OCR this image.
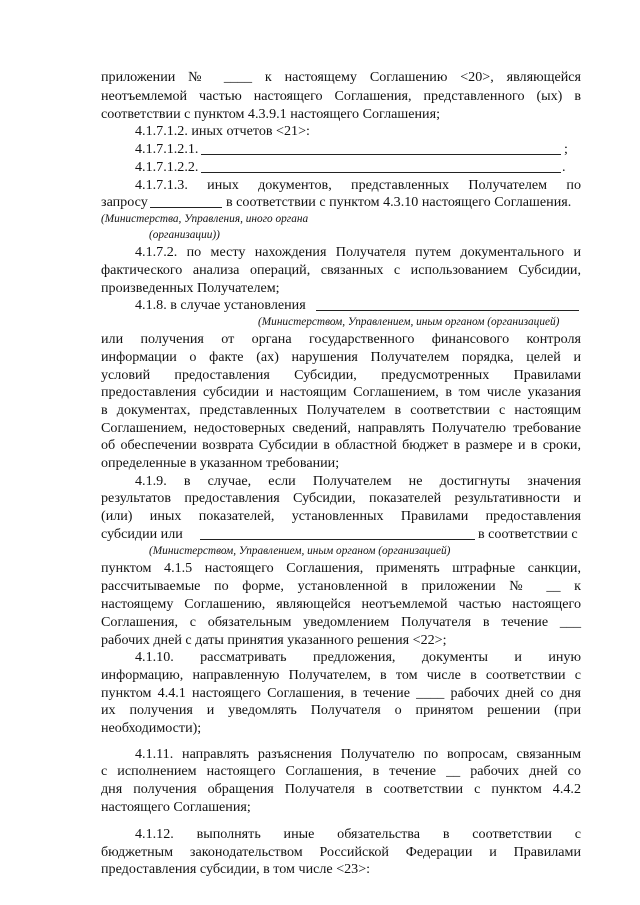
приложении № ____ к настоящему Соглашению <20>, являющейся
неотъемлемой частью настоящего Соглашения, представленного (ых) в
соответствии с пунктом 4.3.9.1 настоящего Соглашения;
4.1.7.1.2. иных отчетов <21>:
4.1.7.1.2.1.	;
4.1.7.1.2.2.	.
4.1.7.1.3. иных документов, представленных Получателем по
запросу	в соответствии с пунктом 4.3.10 настоящего Соглашения.
(Министерства, Управления, иного органа
(организации))
4.1.7.2. по месту нахождения Получателя путем документального и
фактического анализа операций, связанных с использованием Субсидии,
произведенных Получателем;
4.1.8. в случае установления
(Министерством, Управлением, иным органом (организацией)
или получения от органа государственного финансового контроля
информации о факте (ах) нарушения Получателем порядка, целей и
условий предоставления Субсидии, предусмотренных Правилами
предоставления субсидии и настоящим Соглашением, в том числе указания
в документах, представленных Получателем в соответствии с настоящим
Соглашением, недостоверных сведений, направлять Получателю требование
об обеспечении возврата Субсидии в областной бюджет в размере и в сроки,
определенные в указанном требовании;
4.1.9. в случае, если Получателем не достигнуты значения
результатов предоставления Субсидии, показателей результативности и
(или) иных показателей, установленных Правилами предоставления
субсидии или	в соответствии с
(Министерством, Управлением, иным органом (организацией)
пунктом 4.1.5 настоящего Соглашения, применять штрафные санкции,
рассчитываемые по форме, установленной в приложении № __ к
настоящему Соглашению, являющейся неотъемлемой частью настоящего
Соглашения, с обязательным уведомлением Получателя в течение ___
рабочих дней с даты принятия указанного решения <22>;
4.1.10. рассматривать предложения, документы и иную
информацию, направленную Получателем, в том числе в соответствии с
пунктом 4.4.1 настоящего Соглашения, в течение ____ рабочих дней со дня
их получения и уведомлять Получателя о принятом решении (при
необходимости);
4.1.11. направлять разъяснения Получателю по вопросам, связанным
с исполнением настоящего Соглашения, в течение __ рабочих дней со
дня получения обращения Получателя в соответствии с пунктом 4.4.2
настоящего Соглашения;
4.1.12. выполнять иные обязательства в соответствии с
бюджетным законодательством Российской Федерации и Правилами
предоставления субсидии, в том числе <23>:
